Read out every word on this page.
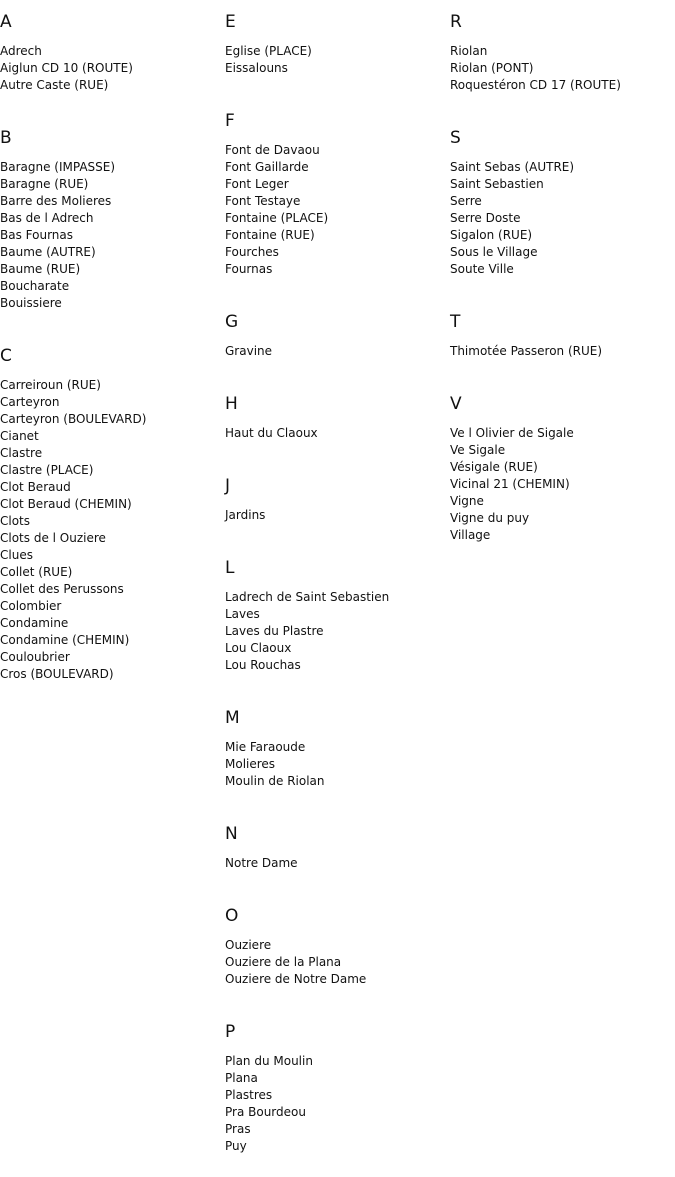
A
Adrech
Aiglun CD 10 (ROUTE)
Autre Caste (RUE)
B
Baragne (IMPASSE)
Baragne (RUE)
Barre des Molieres
Bas de l Adrech
Bas Fournas
Baume (AUTRE)
Baume (RUE)
Boucharate
Bouissiere
C
Carreiroun (RUE)
Carteyron
Carteyron (BOULEVARD)
Cianet
Clastre
Clastre (PLACE)
Clot Beraud
Clot Beraud (CHEMIN)
Clots
Clots de l Ouziere
Clues
Collet (RUE)
Collet des Perussons
Colombier
Condamine
Condamine (CHEMIN)
Couloubrier
Cros (BOULEVARD)
E
Eglise (PLACE)
Eissalouns
F
Font de Davaou
Font Gaillarde
Font Leger
Font Testaye
Fontaine (PLACE)
Fontaine (RUE)
Fourches
Fournas
G
Gravine
H
Haut du Claoux
J
Jardins
L
Ladrech de Saint Sebastien
Laves
Laves du Plastre
Lou Claoux
Lou Rouchas
M
Mie Faraoude
Molieres
Moulin de Riolan
N
Notre Dame
O
Ouziere
Ouziere de la Plana
Ouziere de Notre Dame
P
Plan du Moulin
Plana
Plastres
Pra Bourdeou
Pras
Puy
R
Riolan
Riolan (PONT)
Roquestéron CD 17 (ROUTE)
S
Saint Sebas (AUTRE)
Saint Sebastien
Serre
Serre Doste
Sigalon (RUE)
Sous le Village
Soute Ville
T
Thimotée Passeron (RUE)
V
Ve l Olivier de Sigale
Ve Sigale
Vésigale (RUE)
Vicinal 21 (CHEMIN)
Vigne
Vigne du puy
Village
